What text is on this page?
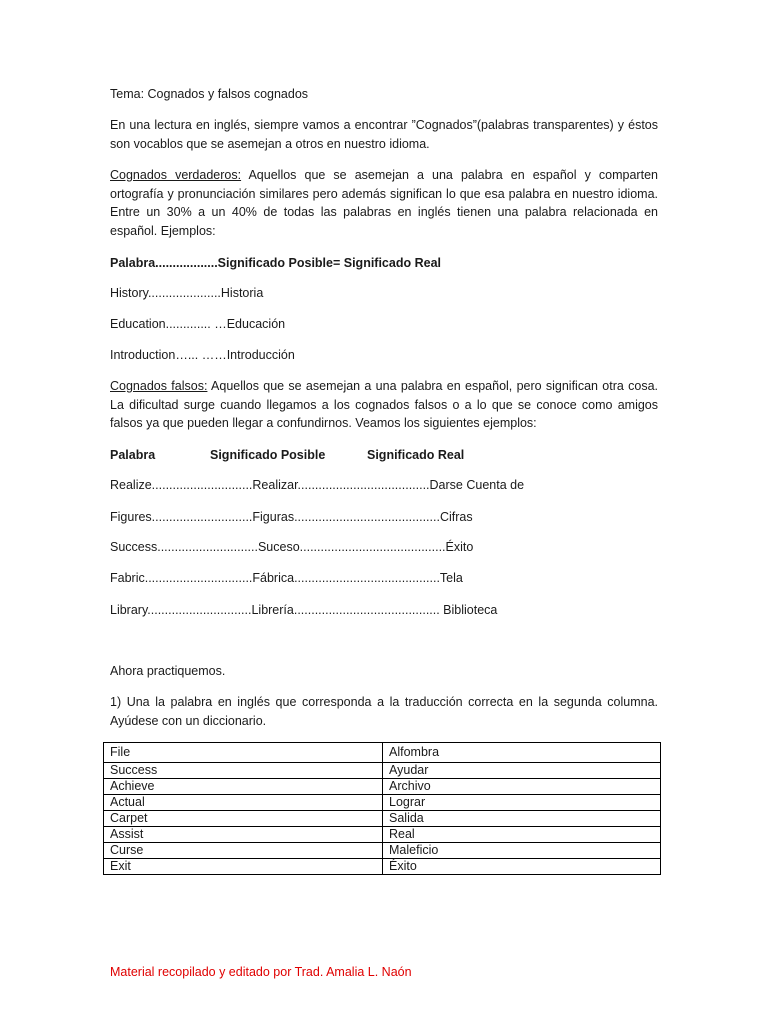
Tema: Cognados y falsos cognados
En una lectura en inglés, siempre vamos a encontrar ”Cognados”(palabras transparentes) y éstos son vocablos que se asemejan a otros en nuestro idioma.
Cognados verdaderos: Aquellos que se asemejan a una palabra en español y comparten ortografía y pronunciación similares pero además significan lo que esa palabra en nuestro idioma. Entre un 30% a un 40% de todas las palabras en inglés tienen una palabra relacionada en español. Ejemplos:
Palabra..................Significado Posible= Significado Real
History.....................Historia
Education............. …Educación
Introduction…... ……Introducción
Cognados falsos: Aquellos que se asemejan a una palabra en español, pero significan otra cosa. La dificultad surge cuando llegamos a los cognados falsos o a lo que se conoce como amigos falsos ya que pueden llegar a confundirnos. Veamos los siguientes ejemplos:
Palabra	Significado Posible	Significado Real
Realize.............................Realizar......................................Darse Cuenta de
Figures.............................Figuras..........................................Cifras
Success.............................Suceso..........................................Éxito
Fabric...............................Fábrica..........................................Tela
Library..............................Librería.......................................... Biblioteca
Ahora practiquemos.
1) Una la palabra en inglés que corresponda a la traducción correcta en la segunda columna. Ayúdese con un diccionario.
File	Alfombra
Success	Ayudar
Achieve	Archivo
Actual	Lograr
Carpet	Salida
Assist	Real
Curse	Maleficio
Exit	Éxito
Material recopilado y editado por Trad. Amalia L. Naón
